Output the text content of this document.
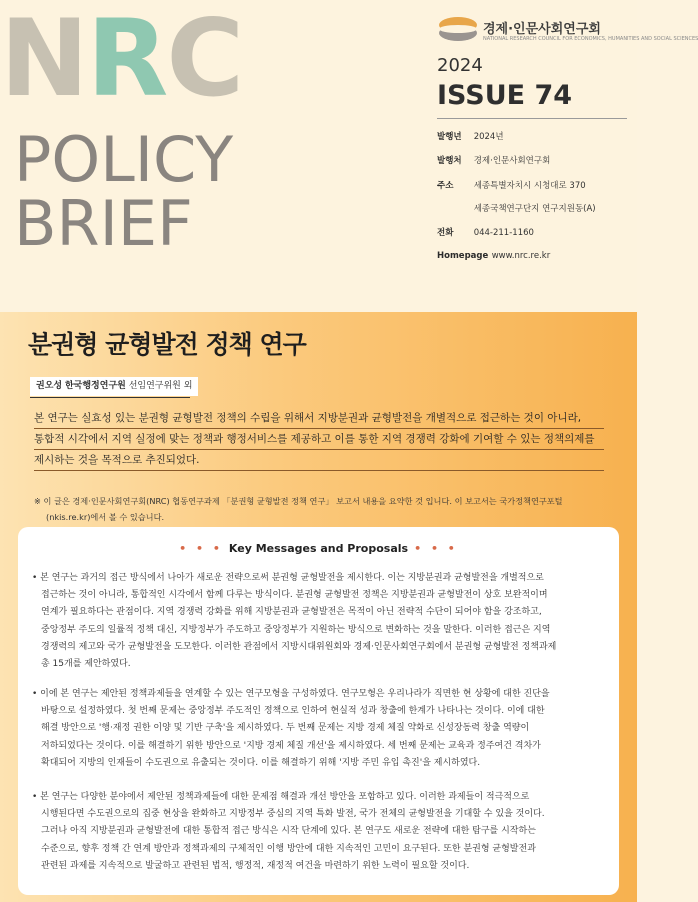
NRC
POLICY
BRIEF
경제·인문사회연구회
NATIONAL RESEARCH COUNCIL FOR ECONOMICS, HUMANITIES AND SOCIAL SCIENCES
2024
ISSUE 74
발행년 2024년
발행처 경제·인문사회연구회
주소 세종특별자치시 시청대로 370
세종국책연구단지 연구지원동(A)
전화 044-211-1160
Homepage www.nrc.re.kr
분권형 균형발전 정책 연구
권오성 한국행정연구원 선임연구위원 외
본 연구는 실효성 있는 분권형 균형발전 정책의 수립을 위해서 지방분권과 균형발전을 개별적으로 접근하는 것이 아니라,
통합적 시각에서 지역 실정에 맞는 정책과 행정서비스를 제공하고 이를 통한 지역 경쟁력 강화에 기여할 수 있는 정책의제를
제시하는 것을 목적으로 추진되었다.
※ 이 글은 경제·인문사회연구회(NRC) 협동연구과제 「분권형 균형발전 정책 연구」 보고서 내용을 요약한 것 입니다. 이 보고서는 국가정책연구포털
(nkis.re.kr)에서 볼 수 있습니다.
• • • Key Messages and Proposals • • •
• 본 연구는 과거의 접근 방식에서 나아가 새로운 전략으로써 분권형 균형발전을 제시한다. 이는 지방분권과 균형발전을 개별적으로
접근하는 것이 아니라, 통합적인 시각에서 함께 다루는 방식이다. 분권형 균형발전 정책은 지방분권과 균형발전이 상호 보완적이며
연계가 필요하다는 관점이다. 지역 경쟁력 강화를 위해 지방분권과 균형발전은 목적이 아닌 전략적 수단이 되어야 함을 강조하고,
중앙정부 주도의 일률적 정책 대신, 지방정부가 주도하고 중앙정부가 지원하는 방식으로 변화하는 것을 말한다. 이러한 접근은 지역
경쟁력의 제고와 국가 균형발전을 도모한다. 이러한 관점에서 지방시대위원회와 경제·인문사회연구회에서 분권형 균형발전 정책과제
총 15개를 제안하였다.
• 이에 본 연구는 제안된 정책과제들을 연계할 수 있는 연구모형을 구성하였다. 연구모형은 우리나라가 직면한 현 상황에 대한 진단을
바탕으로 설정하였다. 첫 번째 문제는 중앙정부 주도적인 정책으로 인하여 현실적 성과 창출에 한계가 나타나는 것이다. 이에 대한
해결 방안으로 '행·재정 권한 이양 및 기반 구축'을 제시하였다. 두 번째 문제는 지방 경제 체질 약화로 신성장동력 창출 역량이
저하되었다는 것이다. 이를 해결하기 위한 방안으로 '지방 경제 체질 개선'을 제시하였다. 세 번째 문제는 교육과 정주여건 격차가
확대되어 지방의 인재들이 수도권으로 유출되는 것이다. 이를 해결하기 위해 '지방 주민 유입 촉진'을 제시하였다.
• 본 연구는 다양한 분야에서 제안된 정책과제들에 대한 문제점 해결과 개선 방안을 포함하고 있다. 이러한 과제들이 적극적으로
시행된다면 수도권으로의 집중 현상을 완화하고 지방정부 중심의 지역 특화 발전, 국가 전체의 균형발전을 기대할 수 있을 것이다.
그러나 아직 지방분권과 균형발전에 대한 통합적 접근 방식은 시작 단계에 있다. 본 연구도 새로운 전략에 대한 탐구를 시작하는
수준으로, 향후 정책 간 연계 방안과 정책과제의 구체적인 이행 방안에 대한 지속적인 고민이 요구된다. 또한 분권형 균형발전과
관련된 과제를 지속적으로 발굴하고 관련된 법적, 행정적, 재정적 여건을 마련하기 위한 노력이 필요할 것이다.
